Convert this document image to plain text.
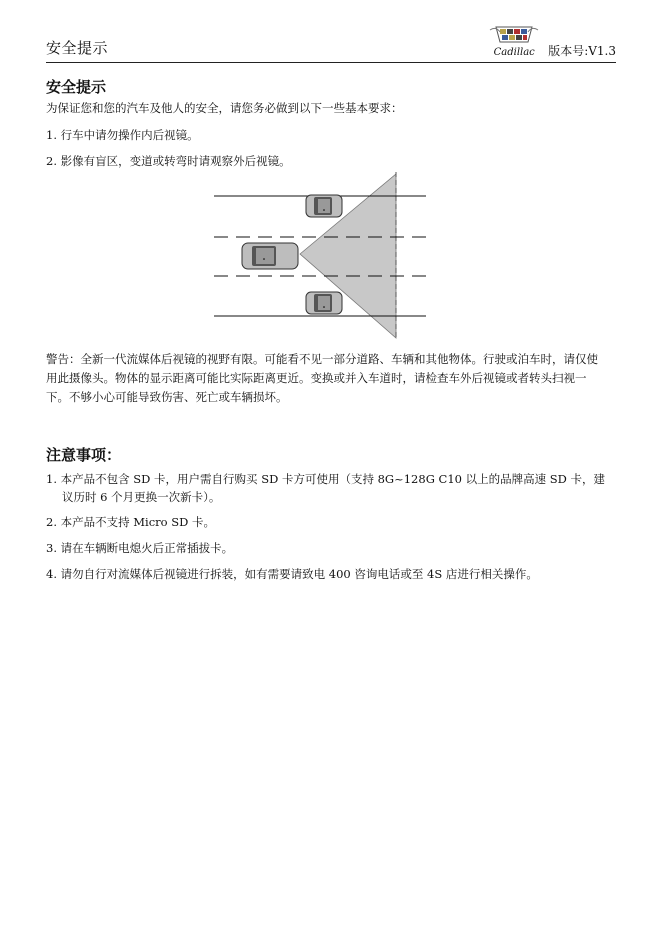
安全提示	Cadillac	版本号:V1.3
安全提示
为保证您和您的汽车及他人的安全，请您务必做到以下一些基本要求：
1. 行车中请勿操作内后视镜。
2. 影像有盲区，变道或转弯时请观察外后视镜。
警告：全新一代流媒体后视镜的视野有限。可能看不见一部分道路、车辆和其他物体。行驶或泊车时，请仅使用此摄像头。物体的显示距离可能比实际距离更近。变换或并入车道时，请检查车外后视镜或者转头扫视一下。不够小心可能导致伤害、死亡或车辆损坏。
注意事项：
1. 本产品不包含 SD 卡，用户需自行购买 SD 卡方可使用（支持 8G~128G C10 以上的品牌高速 SD 卡，建议历时 6 个月更换一次新卡）。
2. 本产品不支持 Micro SD 卡。
3. 请在车辆断电熄火后正常插拔卡。
4. 请勿自行对流媒体后视镜进行拆装，如有需要请致电 400 咨询电话或至 4S 店进行相关操作。
